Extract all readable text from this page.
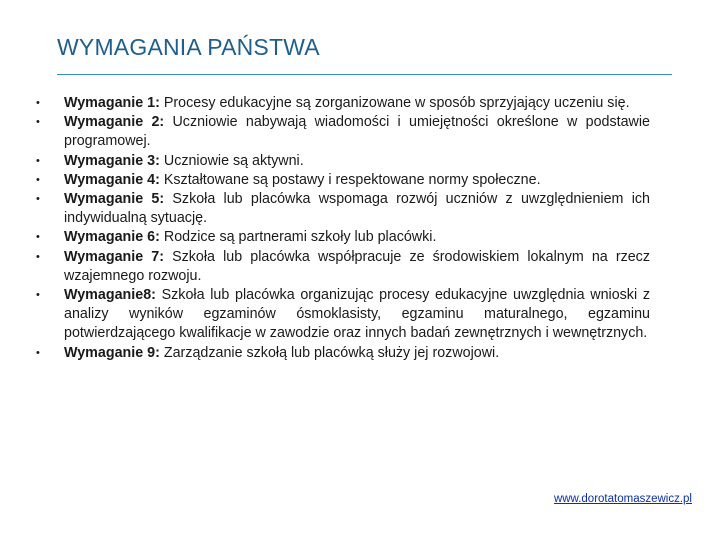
WYMAGANIA PAŃSTWA
• Wymaganie 1: Procesy edukacyjne są zorganizowane w sposób sprzyjający uczeniu się.
• Wymaganie 2: Uczniowie nabywają wiadomości i umiejętności określone w podstawie programowej.
• Wymaganie 3: Uczniowie są aktywni.
• Wymaganie 4: Kształtowane są postawy i respektowane normy społeczne.
• Wymaganie 5: Szkoła lub placówka wspomaga rozwój uczniów z uwzględnieniem ich indywidualną sytuację.
• Wymaganie 6: Rodzice są partnerami szkoły lub placówki.
• Wymaganie 7: Szkoła lub placówka współpracuje ze środowiskiem lokalnym na rzecz wzajemnego rozwoju.
• Wymaganie8: Szkoła lub placówka organizując procesy edukacyjne uwzględnia wnioski z analizy wyników egzaminów ósmoklasisty, egzaminu maturalnego, egzaminu potwierdzającego kwalifikacje w zawodzie oraz innych badań zewnętrznych i wewnętrznych.
• Wymaganie 9: Zarządzanie szkołą lub placówką służy jej rozwojowi.
www.dorotatomaszewicz.pl
